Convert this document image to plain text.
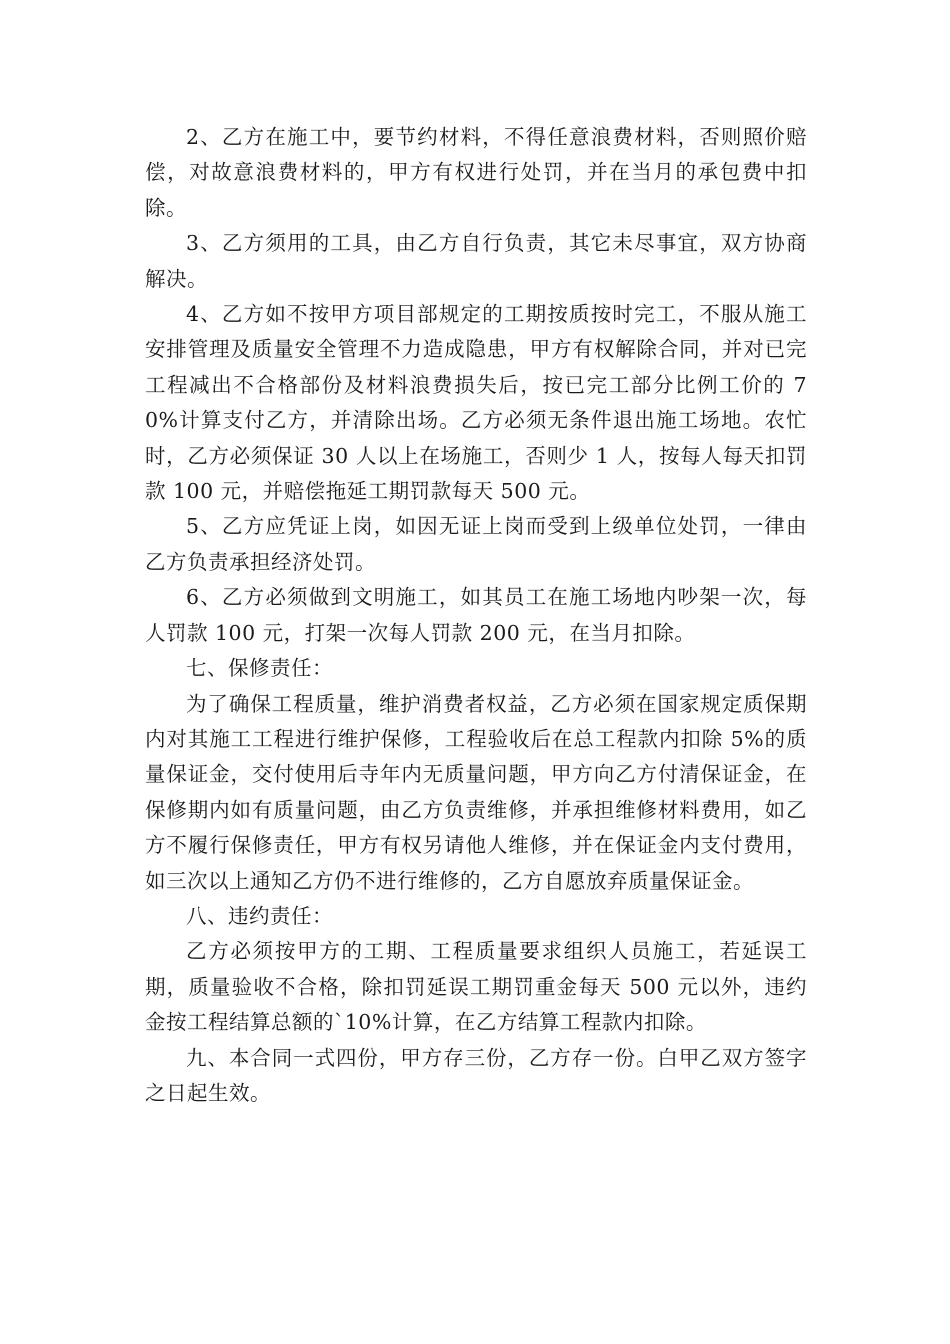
2、乙方在施工中，要节约材料，不得任意浪费材料，否则照价赔偿，对故意浪费材料的，甲方有权进行处罚，并在当月的承包费中扣除。

3、乙方须用的工具，由乙方自行负责，其它未尽事宜，双方协商解决。

4、乙方如不按甲方项目部规定的工期按质按时完工，不服从施工安排管理及质量安全管理不力造成隐患，甲方有权解除合同，并对已完工程减出不合格部份及材料浪费损失后，按已完工部分比例工价的 70%计算支付乙方，并清除出场。乙方必须无条件退出施工场地。农忙时，乙方必须保证 30 人以上在场施工，否则少 1 人，按每人每天扣罚款 100 元，并赔偿拖延工期罚款每天 500 元。

5、乙方应凭证上岗，如因无证上岗而受到上级单位处罚，一律由乙方负责承担经济处罚。

6、乙方必须做到文明施工，如其员工在施工场地内吵架一次，每人罚款 100 元，打架一次每人罚款 200 元，在当月扣除。

七、保修责任：

为了确保工程质量，维护消费者权益，乙方必须在国家规定质保期内对其施工工程进行维护保修，工程验收后在总工程款内扣除 5%的质量保证金，交付使用后寺年内无质量问题，甲方向乙方付清保证金，在保修期内如有质量问题，由乙方负责维修，并承担维修材料费用，如乙方不履行保修责任，甲方有权另请他人维修，并在保证金内支付费用，如三次以上通知乙方仍不进行维修的，乙方自愿放弃质量保证金。

八、违约责任：

乙方必须按甲方的工期、工程质量要求组织人员施工，若延误工期，质量验收不合格，除扣罚延误工期罚重金每天 500 元以外，违约金按工程结算总额的`10%计算，在乙方结算工程款内扣除。

九、本合同一式四份，甲方存三份，乙方存一份。白甲乙双方签字之日起生效。
